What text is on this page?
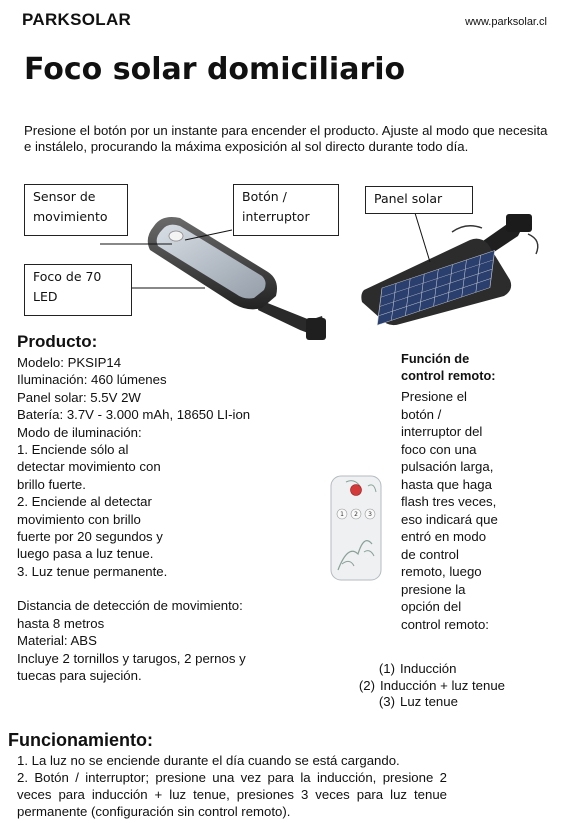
PARKSOLAR	www.parksolar.cl
Foco solar domiciliario
Presione el botón por un instante para encender el producto. Ajuste al modo que necesita e instálelo, procurando la máxima exposición al sol directo durante todo día.
Sensor de
movimiento
Botón /
interruptor
Foco de 70
LED
Panel solar
Producto:
Modelo: PKSIP14
Iluminación: 460 lúmenes
Panel solar: 5.5V 2W
Batería: 3.7V - 3.000 mAh, 18650 LI-ion
Modo de iluminación:
1. Enciende sólo al
detectar movimiento con
brillo fuerte.
2. Enciende al detectar
movimiento con brillo
fuerte por 20 segundos y
luego pasa a luz tenue.
3. Luz tenue permanente.
Distancia de detección de movimiento:
hasta 8 metros
Material: ABS
Incluye 2 tornillos y tarugos, 2 pernos y
tuecas para sujeción.
1 2 3
Función de
control remoto:
Presione el
botón /
interruptor del
foco con una
pulsación larga,
hasta que haga
flash tres veces,
eso indicará que
entró en modo
de control
remoto, luego
presione la
opción del
control remoto:
(1) Inducción
(2) Inducción + luz tenue
(3) Luz tenue
Funcionamiento:

1. La luz no se enciende durante el día cuando se está cargando.

2. Botón / interruptor; presione una vez para la inducción, presione 2 veces para inducción + luz tenue, presiones 3 veces para luz tenue permanente (configuración sin control remoto).
